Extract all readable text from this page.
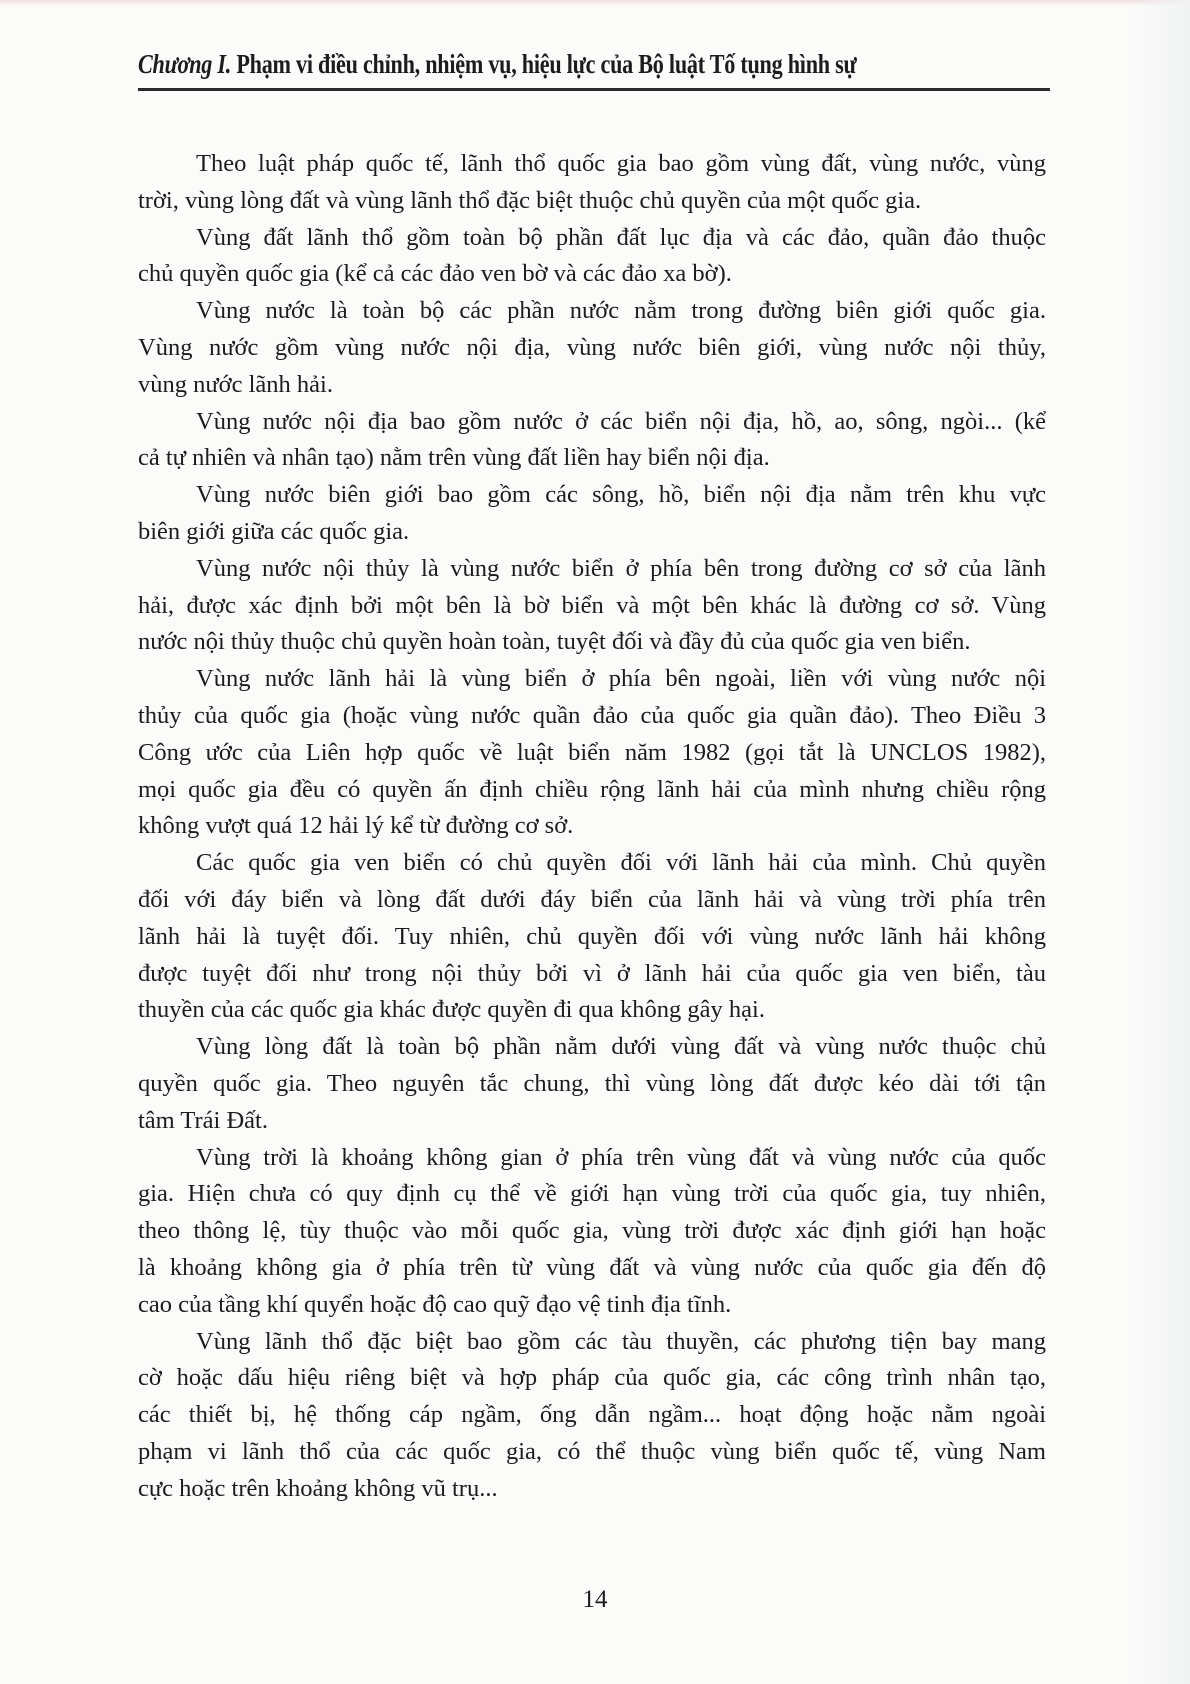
Chương I. Phạm vi điều chỉnh, nhiệm vụ, hiệu lực của Bộ luật Tố tụng hình sự

Theo luật pháp quốc tế, lãnh thổ quốc gia bao gồm vùng đất, vùng nước, vùng
trời, vùng lòng đất và vùng lãnh thổ đặc biệt thuộc chủ quyền của một quốc gia.

Vùng đất lãnh thổ gồm toàn bộ phần đất lục địa và các đảo, quần đảo thuộc
chủ quyền quốc gia (kể cả các đảo ven bờ và các đảo xa bờ).

Vùng nước là toàn bộ các phần nước nằm trong đường biên giới quốc gia.
Vùng nước gồm vùng nước nội địa, vùng nước biên giới, vùng nước nội thủy,
vùng nước lãnh hải.

Vùng nước nội địa bao gồm nước ở các biển nội địa, hồ, ao, sông, ngòi... (kể
cả tự nhiên và nhân tạo) nằm trên vùng đất liền hay biển nội địa.

Vùng nước biên giới bao gồm các sông, hồ, biển nội địa nằm trên khu vực
biên giới giữa các quốc gia.

Vùng nước nội thủy là vùng nước biển ở phía bên trong đường cơ sở của lãnh
hải, được xác định bởi một bên là bờ biển và một bên khác là đường cơ sở. Vùng
nước nội thủy thuộc chủ quyền hoàn toàn, tuyệt đối và đầy đủ của quốc gia ven biển.

Vùng nước lãnh hải là vùng biển ở phía bên ngoài, liền với vùng nước nội
thủy của quốc gia (hoặc vùng nước quần đảo của quốc gia quần đảo). Theo Điều 3
Công ước của Liên hợp quốc về luật biển năm 1982 (gọi tắt là UNCLOS 1982),
mọi quốc gia đều có quyền ấn định chiều rộng lãnh hải của mình nhưng chiều rộng
không vượt quá 12 hải lý kể từ đường cơ sở.

Các quốc gia ven biển có chủ quyền đối với lãnh hải của mình. Chủ quyền
đối với đáy biển và lòng đất dưới đáy biển của lãnh hải và vùng trời phía trên
lãnh hải là tuyệt đối. Tuy nhiên, chủ quyền đối với vùng nước lãnh hải không
được tuyệt đối như trong nội thủy bởi vì ở lãnh hải của quốc gia ven biển, tàu
thuyền của các quốc gia khác được quyền đi qua không gây hại.

Vùng lòng đất là toàn bộ phần nằm dưới vùng đất và vùng nước thuộc chủ
quyền quốc gia. Theo nguyên tắc chung, thì vùng lòng đất được kéo dài tới tận
tâm Trái Đất.

Vùng trời là khoảng không gian ở phía trên vùng đất và vùng nước của quốc
gia. Hiện chưa có quy định cụ thể về giới hạn vùng trời của quốc gia, tuy nhiên,
theo thông lệ, tùy thuộc vào mỗi quốc gia, vùng trời được xác định giới hạn hoặc
là khoảng không gia ở phía trên từ vùng đất và vùng nước của quốc gia đến độ
cao của tầng khí quyển hoặc độ cao quỹ đạo vệ tinh địa tĩnh.

Vùng lãnh thổ đặc biệt bao gồm các tàu thuyền, các phương tiện bay mang
cờ hoặc dấu hiệu riêng biệt và hợp pháp của quốc gia, các công trình nhân tạo,
các thiết bị, hệ thống cáp ngầm, ống dẫn ngầm... hoạt động hoặc nằm ngoài
phạm vi lãnh thổ của các quốc gia, có thể thuộc vùng biển quốc tế, vùng Nam
cực hoặc trên khoảng không vũ trụ...

14
